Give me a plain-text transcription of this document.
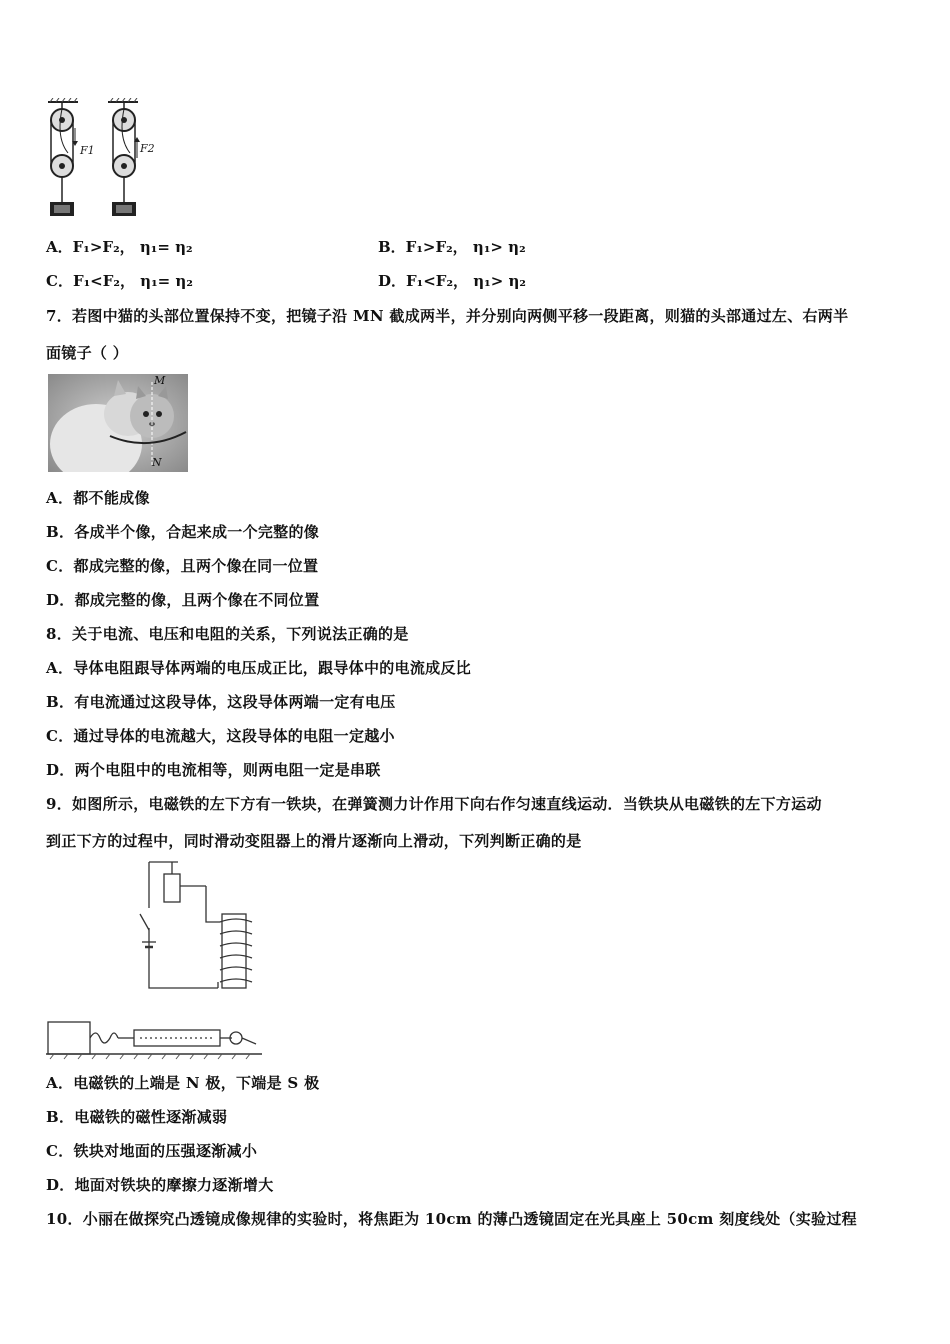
F1	F2
A．F₁>F₂， η₁= η₂	B．F₁>F₂， η₁> η₂
C．F₁<F₂， η₁= η₂	D．F₁<F₂， η₁> η₂
7．若图中猫的头部位置保持不变，把镜子沿 MN 截成两半，并分别向两侧平移一段距离，则猫的头部通过左、右两半
面镜子（ ）
M
N
A．都不能成像
B．各成半个像，合起来成一个完整的像
C．都成完整的像，且两个像在同一位置
D．都成完整的像，且两个像在不同位置
8．关于电流、电压和电阻的关系，下列说法正确的是
A．导体电阻跟导体两端的电压成正比，跟导体中的电流成反比
B．有电流通过这段导体，这段导体两端一定有电压
C．通过导体的电流越大，这段导体的电阻一定越小
D．两个电阻中的电流相等，则两电阻一定是串联
9．如图所示，电磁铁的左下方有一铁块，在弹簧测力计作用下向右作匀速直线运动．当铁块从电磁铁的左下方运动
到正下方的过程中，同时滑动变阻器上的滑片逐渐向上滑动，下列判断正确的是
A．电磁铁的上端是 N 极，下端是 S 极
B．电磁铁的磁性逐渐减弱
C．铁块对地面的压强逐渐减小
D．地面对铁块的摩擦力逐渐增大
10．小丽在做探究凸透镜成像规律的实验时，将焦距为 10cm 的薄凸透镜固定在光具座上 50cm 刻度线处（实验过程
